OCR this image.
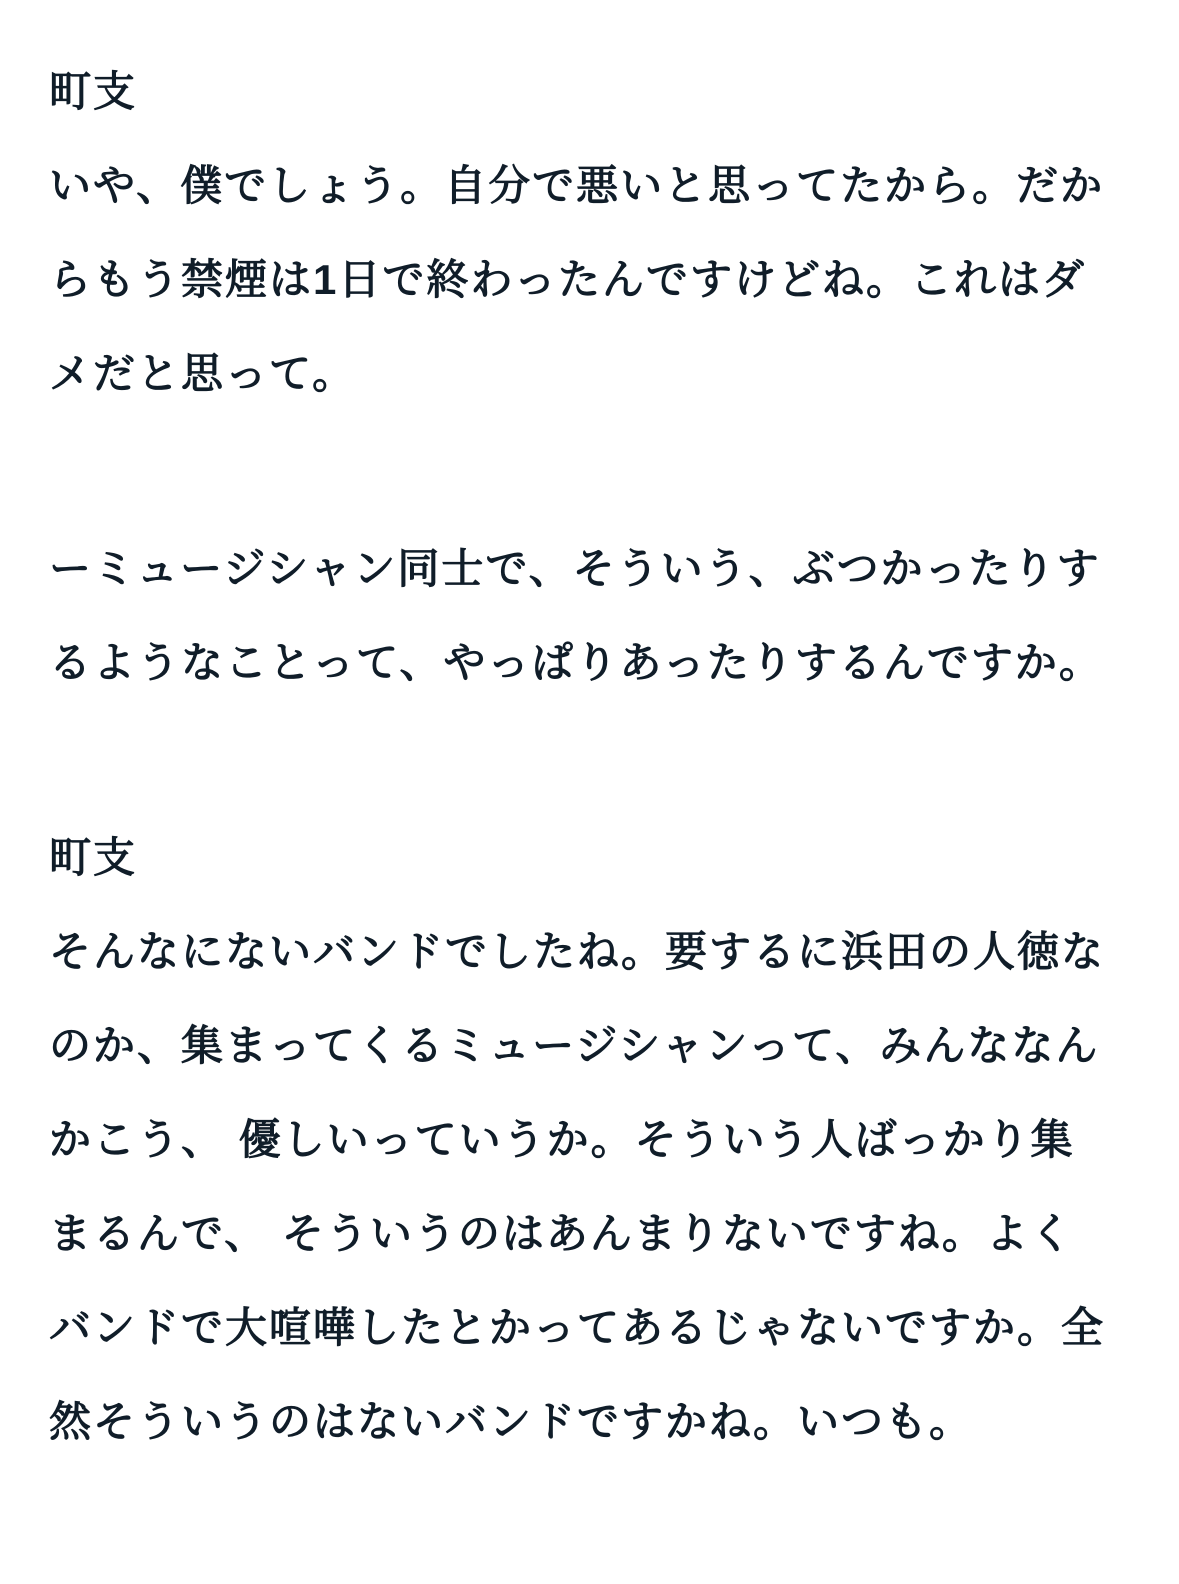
町支
いや、僕でしょう。自分で悪いと思ってたから。だか
らもう禁煙は1日で終わったんですけどね。これはダ
メだと思って。
ーミュージシャン同士で、そういう、ぶつかったりす
るようなことって、やっぱりあったりするんですか。
町支
そんなにないバンドでしたね。要するに浜田の人徳な
のか、集まってくるミュージシャンって、みんななん
かこう、 優しいっていうか。そういう人ばっかり集
まるんで、 そういうのはあんまりないですね。よく
バンドで大喧嘩したとかってあるじゃないですか。全
然そういうのはないバンドですかね。いつも。
